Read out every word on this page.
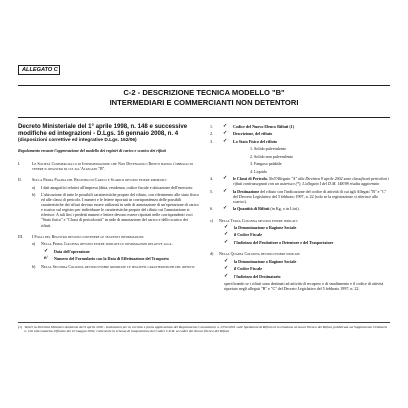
ALLEGATO C
C-2 - DESCRIZIONE TECNICA MODELLO "B"
INTERMEDIARI E COMMERCIANTI NON DETENTORI
Decreto Ministeriale del 1° aprile 1998, n. 148 e successive modifiche ed integrazioni - D.Lgs. 16 gennaio 2008, n. 4
(disposizioni correttive ed integrative D.Lgs. 152/06)
Regolamento recante l'approvazione del modello dei registri di carico e scarico dei rifiuti
I.	Le Società Commerciali o di Intermediazione che Non Detengono i Rifiuti hanno l'obbligo di tenere il registro di cui all'Allegato "B".
II.	Sulla Prima Pagina del Registro di Carico e Scarico devono essere riportati:
a)	I dati anagrafici relativi all'impresa (ditta, residenza, codice fiscale e ubicazione dell'esercizio.
b)	L'ubicazione di tutte le possibili caratteristiche proprie del rifiuto, con riferimento alle stato fisico ed alle classi di pericolo. I numeri e le lettere riportati in corrispondenza delle possibili caratteristiche dei rifiuti devono essere utilizzati in sede di annotazione di un'operazione di carico e scarico sul registro per individuare le caratteristiche proprie del rifiuto cui l'annotazione si riferisce. A tali fini i predetti numeri e lettere devono essere riportati nelle corrispondenti voci "Stato fisico" e "Classi di pericolosità" in sede di annotazione del carico e dello scarico dei rifiuti.
III.	I Fogli del Registro devono contenere le seguenti informazioni:
a)	Nella Prima Colonna devono essere indicate le informazioni relative alla:
✓	Data dell'operazione
e/	Numero del Formulario con la Data di Effettuazione del Trasporto
b)	Nella Seconda Colonna devono essere riportate le seguenti caratteristiche del rifiuto:
1.	✓	Codice del Nuovo Elenco Rifiuti (1)
2.	✓	Descrizione, del rifiuto
3.	✓	Lo Stato Fisico del rifiuto
1. Solido pulverulento
2. Solido non pulverulento
3. Fangoso palabile
4. Liquido
4.	✓	le Classi di Pericolo. Nell'Allegato "A" alla Direttiva 9 aprile 2002 sono classificati pericolosi i rifiuti contrassegnati con un asterisco (*), L'allegato I del D.M. 148/98 risulta aggiornato
5.	✓	la Destinazione del rifiuto con l'indicazione del codice di attività di cui agli Allegati "B" e "C" del Decreto Legislativo del 5 febbraio 1997, n. 22 (solo se la registrazione si riferisce allo scarico).
6.	✓	la Quantità di Rifiuti (in Kg, o in Litri).
c)	Nella Terza Colonna devono essere indicati:
✓	la Denominazione o Ragione Sociale
✓	il Codice Fiscale
✓	l'Indirizzo del Produttore o Detentore e del Trasportatore
d)	Nella Quarta Colonna devono essere indicati:
✓	la Denominazione o Ragione Sociale
✓	il Codice Fiscale
✓	l'Indirizzo del Destinatario
specificando se i rifiuti sono destinati ad attività di recupero o di smaltimento e il codice di attività riportato negli allegati "B" e "C" del Decreto Legislativo del 5 febbraio 1997, n. 22.
(1) Valori la Direttiva Ministero Ambiente del 9 aprile 2002 - Indicazioni per la corretta e piena applicazione del Regolamento Comunitario n. 2552/2001 sulle Spedizioni di Rifiuti ed in relazione al nuovo Elenco dei Rifiuti, pubblicata sul Supplemento Ordinario n. 102 alla Gazzetta Ufficiale del 10 maggio 2002, contenente lo schema di trasposizione dei Codici C.E.R. ai codici del Nuovo Elenco dei Rifiuti.
